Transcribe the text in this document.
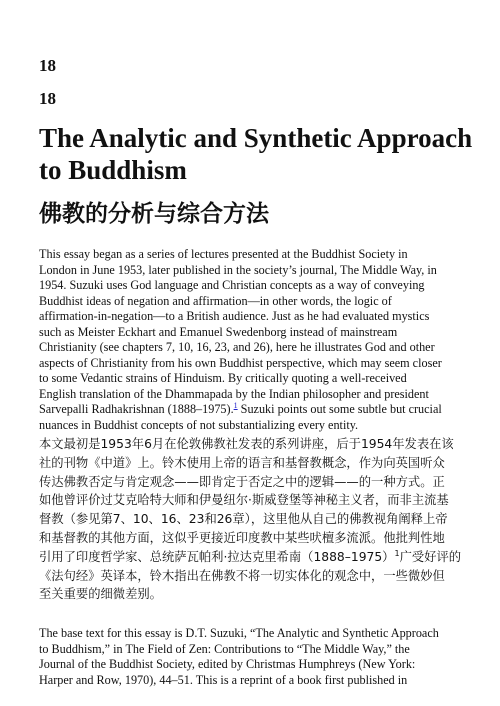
18
18
The Analytic and Synthetic Approach
to Buddhism
佛教的分析与综合方法
This essay began as a series of lectures presented at the Buddhist Society in
London in June 1953, later published in the society’s journal, The Middle Way, in
1954. Suzuki uses God language and Christian concepts as a way of conveying
Buddhist ideas of negation and affirmation—in other words, the logic of
affirmation-in-negation—to a British audience. Just as he had evaluated mystics
such as Meister Eckhart and Emanuel Swedenborg instead of mainstream
Christianity (see chapters 7, 10, 16, 23, and 26), here he illustrates God and other
aspects of Christianity from his own Buddhist perspective, which may seem closer
to some Vedantic strains of Hinduism. By critically quoting a well-received
English translation of the Dhammapada by the Indian philosopher and president
Sarvepalli Radhakrishnan (1888–1975).$^1$ Suzuki points out some subtle but crucial
nuances in Buddhist concepts of not substantializing every entity.
本文最初是1953年6月在伦敦佛教社发表的系列讲座，后于1954年发表在该
社的刊物《中道》上。铃木使用上帝的语言和基督教概念，作为向英国听众
传达佛教否定与肯定观念——即肯定于否定之中的逻辑——的一种方式。正
如他曾评价过艾克哈特大师和伊曼纽尔·斯威登堡等神秘主义者，而非主流基
督教（参见第7、10、16、23和26章），这里他从自己的佛教视角阐释上帝
和基督教的其他方面，这似乎更接近印度教中某些吠檀多流派。他批判性地
引用了印度哲学家、总统萨瓦帕利·拉达克里希南（1888–1975）$^1$广受好评的
《法句经》英译本，铃木指出在佛教不将一切实体化的观念中，一些微妙但
至关重要的细微差别。
The base text for this essay is D.T. Suzuki, “The Analytic and Synthetic Approach
to Buddhism,” in The Field of Zen: Contributions to “The Middle Way,” the
Journal of the Buddhist Society, edited by Christmas Humphreys (New York:
Harper and Row, 1970), 44–51. This is a reprint of a book first published in
